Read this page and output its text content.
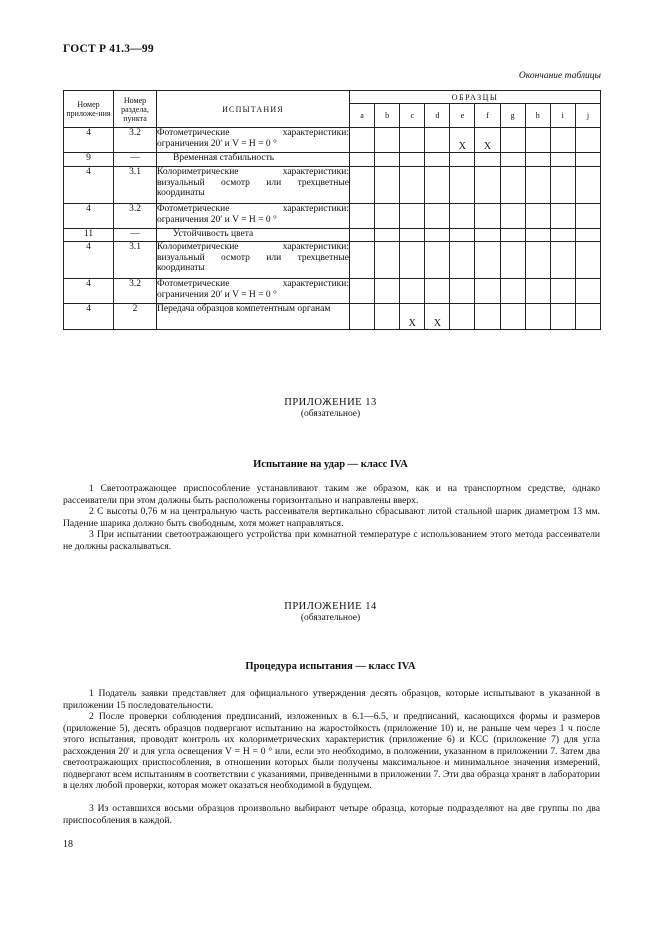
ГОСТ Р 41.3—99
Окончание таблицы
Номер приложе-ния	Номер раздела, пункта	ИСПЫТАНИЯ	ОБРАЗЦЫ									
			a	b	c	d	e	f	g	h	i	j
4	3.2	Фотометрические характеристики: ограничения 20′ и V = H = 0 °					X	X				
9	—	Временная стабильность										
4	3.1	Колориметрические характеристики: визуальный осмотр или трехцветные координаты										
4	3.2	Фотометрические характеристики: ограничения 20′ и V = H = 0 °										
11	—	Устойчивость цвета										
4	3.1	Колориметрические характеристики: визуальный осмотр или трехцветные координаты										
4	3.2	Фотометрические характеристики: ограничения 20′ и V = H = 0 °										
4	2	Передача образцов компетентным органам			X	X						
ПРИЛОЖЕНИЕ 13
(обязательное)
Испытание на удар — класс IVA

1 Светоотражающее приспособление устанавливают таким же образом, как и на транспортном средстве, однако рассеиватели при этом должны быть расположены горизонтально и направлены вверх.

2 С высоты 0,76 м на центральную часть рассеивателя вертикально сбрасывают литой стальной шарик диаметром 13 мм. Падение шарика должно быть свободным, хотя может направляться.

3 При испытании светоотражающего устройства при комнатной температуре с использованием этого метода рассеиватели не должны раскалываться.

ПРИЛОЖЕНИЕ 14
(обязательное)
Процедура испытания — класс IVA

1 Податель заявки представляет для официального утверждения десять образцов, которые испытывают в указанной в приложении 15 последовательности.

2 После проверки соблюдения предписаний, изложенных в 6.1—6.5, и предписаний, касающихся формы и размеров (приложение 5), десять образцов подвергают испытанию на жаростойкость (приложение 10) и, не раньше чем через 1 ч после этого испытания, проводят контроль их колориметрических характеристик (приложение 6) и КСС (приложение 7) для угла расхождения 20′ и для угла освещения V = H = 0 ° или, если это необходимо, в положении, указанном в приложении 7. Затем два светоотражающих приспособления, в отношении которых были получены максимальное и минимальное значения измерений, подвергают всем испытаниям в соответствии с указаниями, приведенными в приложении 7. Эти два образца хранят в лаборатории в целях любой проверки, которая может оказаться необходимой в будущем.

3 Из оставшихся восьми образцов произвольно выбирают четыре образца, которые подразделяют на две группы по два приспособления в каждой.

18
